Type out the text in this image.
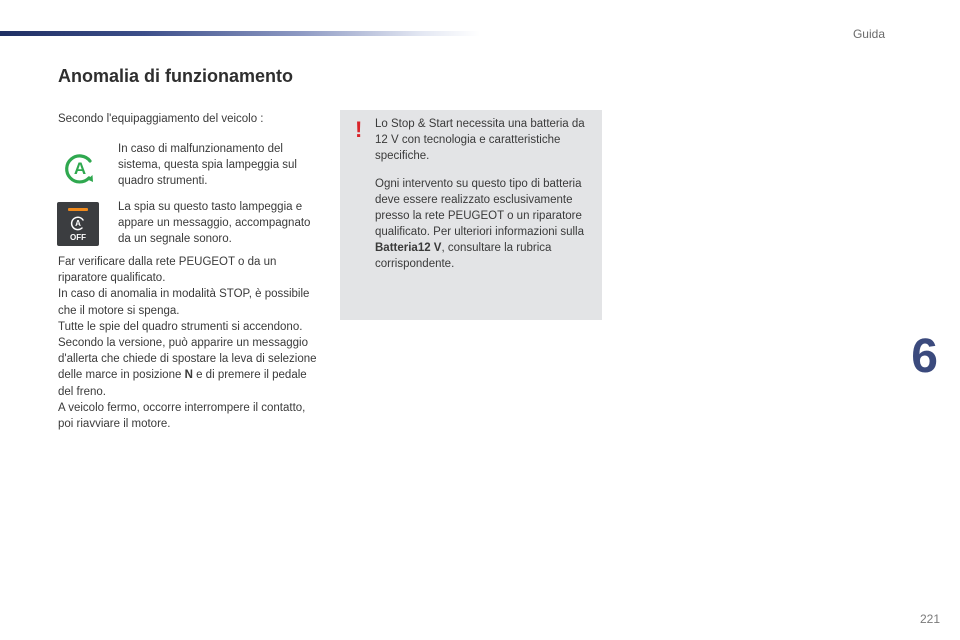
Guida
Anomalia di funzionamento
Secondo l'equipaggiamento del veicolo :
A
In caso di malfunzionamento del sistema, questa spia lampeggia sul quadro strumenti.
A
OFF
La spia su questo tasto lampeggia e appare un messaggio, accompagnato da un segnale sonoro.

Far verificare dalla rete PEUGEOT o da un riparatore qualificato.

In caso di anomalia in modalità STOP, è possibile che il motore si spenga.

Tutte le spie del quadro strumenti si accendono.

Secondo la versione, può apparire un messaggio d'allerta che chiede di spostare la leva di selezione delle marce in posizione N e di premere il pedale del freno.

A veicolo fermo, occorre interrompere il contatto, poi riavviare il motore.

! Lo Stop & Start necessita una batteria da 12 V con tecnologia e caratteristiche specifiche.

Ogni intervento su questo tipo di batteria deve essere realizzato esclusivamente presso la rete PEUGEOT o un riparatore qualificato. Per ulteriori informazioni sulla Batteria12 V, consultare la rubrica corrispondente.

6
221
